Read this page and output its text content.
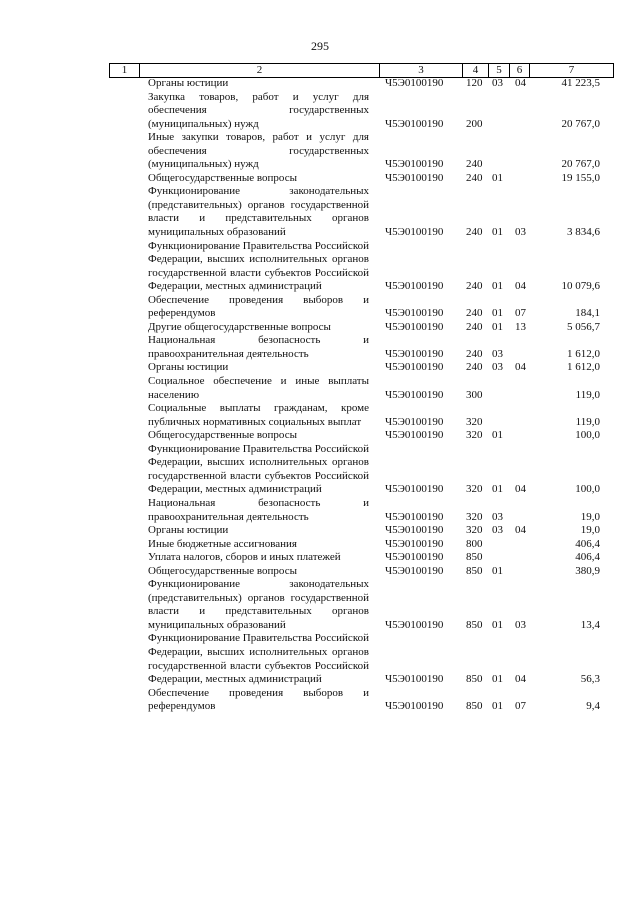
295
1	2	3	4	5	6	7
Органы юстиции	Ч5Э0100190 120 03 04	41 223,5
Закупка товаров, работ и услуг для обеспечения государственных (муниципальных) нужд	Ч5Э0100190 200	20 767,0
Иные закупки товаров, работ и услуг для обеспечения государственных (муниципальных) нужд	Ч5Э0100190 240	20 767,0
Общегосударственные вопросы	Ч5Э0100190 240 01	19 155,0
Функционирование законодательных (представительных) органов государственной власти и представительных органов муниципальных образований	Ч5Э0100190 240 01 03	3 834,6
Функционирование Правительства Российской Федерации, высших исполнительных органов государственной власти субъектов Российской Федерации, местных администраций	Ч5Э0100190 240 01 04	10 079,6
Обеспечение проведения выборов и референдумов	Ч5Э0100190 240 01 07	184,1
Другие общегосударственные вопросы	Ч5Э0100190 240 01 13	5 056,7
Национальная безопасность и правоохранительная деятельность	Ч5Э0100190 240 03	1 612,0
Органы юстиции	Ч5Э0100190 240 03 04	1 612,0
Социальное обеспечение и иные выплаты населению	Ч5Э0100190 300	119,0
Социальные выплаты гражданам, кроме публичных нормативных социальных выплат	Ч5Э0100190 320	119,0
Общегосударственные вопросы	Ч5Э0100190 320 01	100,0
Функционирование Правительства Российской Федерации, высших исполнительных органов государственной власти субъектов Российской Федерации, местных администраций	Ч5Э0100190 320 01 04	100,0
Национальная безопасность и правоохранительная деятельность	Ч5Э0100190 320 03	19,0
Органы юстиции	Ч5Э0100190 320 03 04	19,0
Иные бюджетные ассигнования	Ч5Э0100190 800	406,4
Уплата налогов, сборов и иных платежей	Ч5Э0100190 850	406,4
Общегосударственные вопросы	Ч5Э0100190 850 01	380,9
Функционирование законодательных (представительных) органов государственной власти и представительных органов муниципальных образований	Ч5Э0100190 850 01 03	13,4
Функционирование Правительства Российской Федерации, высших исполнительных органов государственной власти субъектов Российской Федерации, местных администраций	Ч5Э0100190 850 01 04	56,3
Обеспечение проведения выборов и референдумов	Ч5Э0100190 850 01 07	9,4
